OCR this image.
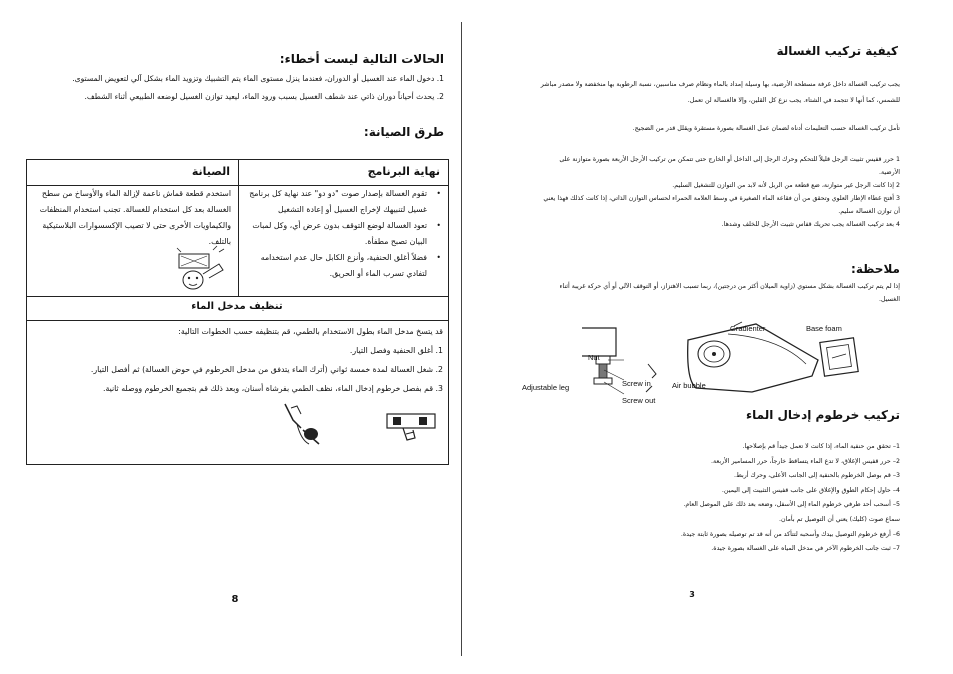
الحالات التالية ليست أخطاء:
1. دخول الماء عند الغسيل أو الدوران، فعندما ينزل مستوى الماء يتم التشبيك وتزويد الماء بشكل آلي لتعويض المستوى.
2. يحدث أحياناً دوران ذاتي عند شطف الغسيل بسبب ورود الماء، ليعيد توازن الغسيل لوضعه الطبيعي أثناء الشطف.
طرق الصيانة:
نهاية البرنامج
الصيانة
• تقوم الغسالة بإصدار صوت "دو دو" عند نهاية كل برنامج غسيل لتنبيهك لإخراج الغسيل أو إعادة التشغيل
• تعود الغسالة لوضع التوقف بدون عرض أي، وكل لمبات البيان تصبح مطفأة.
• فضلاً أغلق الحنفية، وأنزع الكابل حال عدم استخدامه لتفادي تسرب الماء أو الحريق.
استخدم قطعة قماش ناعمة لإزالة الماء والأوساخ من سطح الغسالة بعد كل استخدام للغسالة. تجنب استخدام المنظفات والكيماويات الأخرى حتى لا تصيب الإكسسوارات البلاستيكية بالتلف.
تنظيف مدخل الماء
قد يتسخ مدخل الماء بطول الاستخدام بالطمي، قم بتنظيفه حسب الخطوات التالية:
1. أغلق الحنفية وفصل التيار.
2. شغل الغسالة لمدة خمسة ثواني (أترك الماء يتدفق من مدخل الخرطوم في حوض الغسالة) ثم أفصل التيار.
3. قم بفصل خرطوم إدخال الماء، نظف الطمي بفرشاة أسنان، وبعد ذلك قم بتجميع الخرطوم ووصله ثانية.
8
كيفية تركيب الغسالة
يجب تركيب الغسالة داخل غرفة مسطحة الأرضية، بها وسيلة إمداد بالماء ونظام صرف مناسبين، نسبة الرطوبة بها منخفضة ولا مصدر مباشر
للشمس، كما أنها لا تتجمد في الشتاء. يجب نزع كل القلين، وإلا فالغسالة لن تعمل.
تأمل تركيب الغسالة حسب التعليمات أدناه لضمان عمل الغسالة بصورة مستقرة ويقلل قدر من الضجيج.
1 حرر قفيس تثبيت الرجل قليلاً للتحكم وحرك الرجل إلى الداخل أو الخارج حتى تتمكن من تركيب الأرجل الأربعة بصورة متوازنة على
الأرضية.
2 إذا كانت الرجل غير متوازنة، ضع قطعة من الربل لأنه لابد من التوازن للتشغيل السليم.
3 أفتح غطاء الإطار العلوي وتحقق من أن فقاعة الماء الصغيرة في وسط العلامة الحمراء لحساس التوازن الذاتي، إذا كانت كذلك فهذا يعني
أن توازن الغسالة سليم.
4 بعد تركيب الغسالة يجب تحريك قفاس تثبيت الأرجل للخلف وشدها.
ملاحظة:
إذا لم يتم تركيب الغسالة بشكل مستوي (زاوية الميلان أكثر من درجتين)، ربما تسبب الاهتزاز، أو التوقف الآلي أو أي حركة غريبة أثناء
الغسيل.
Gradienter	Base foam
Nut
Adjustable leg	Screw in
Screw out
Air bubble
تركيب خرطوم إدخال الماء
1– تحقق من حنفية الماء، إذا كانت لا تعمل جيداً قم بإصلاحها.
2– حرر قفيس الإغلاق، لا تدع الماء يتساقط خارجاً، حرر المسامير الأربعة.
3– قم بوصل الخرطوم بالحنفية إلى الجانب الأعلى، وحرك أربط.
4– حاول إحكام الطوق والإغلاق على جانب قفيس التثبيت إلى اليمين.
5– أسحب أحد طرفي خرطوم الماء إلى الأسفل، وضعه بعد ذلك على الموصل العام.
سماع صوت (كليك) يعني أن التوصيل تم بأمان.
6– أرفع خرطوم التوصيل بيدك وأسحبه لتتأكد من أنه قد تم توصيله بصورة ثابتة جيدة.
7– ثبت جانب الخرطوم الآخر في مدخل المياه على الغسالة بصورة جيدة.
3
